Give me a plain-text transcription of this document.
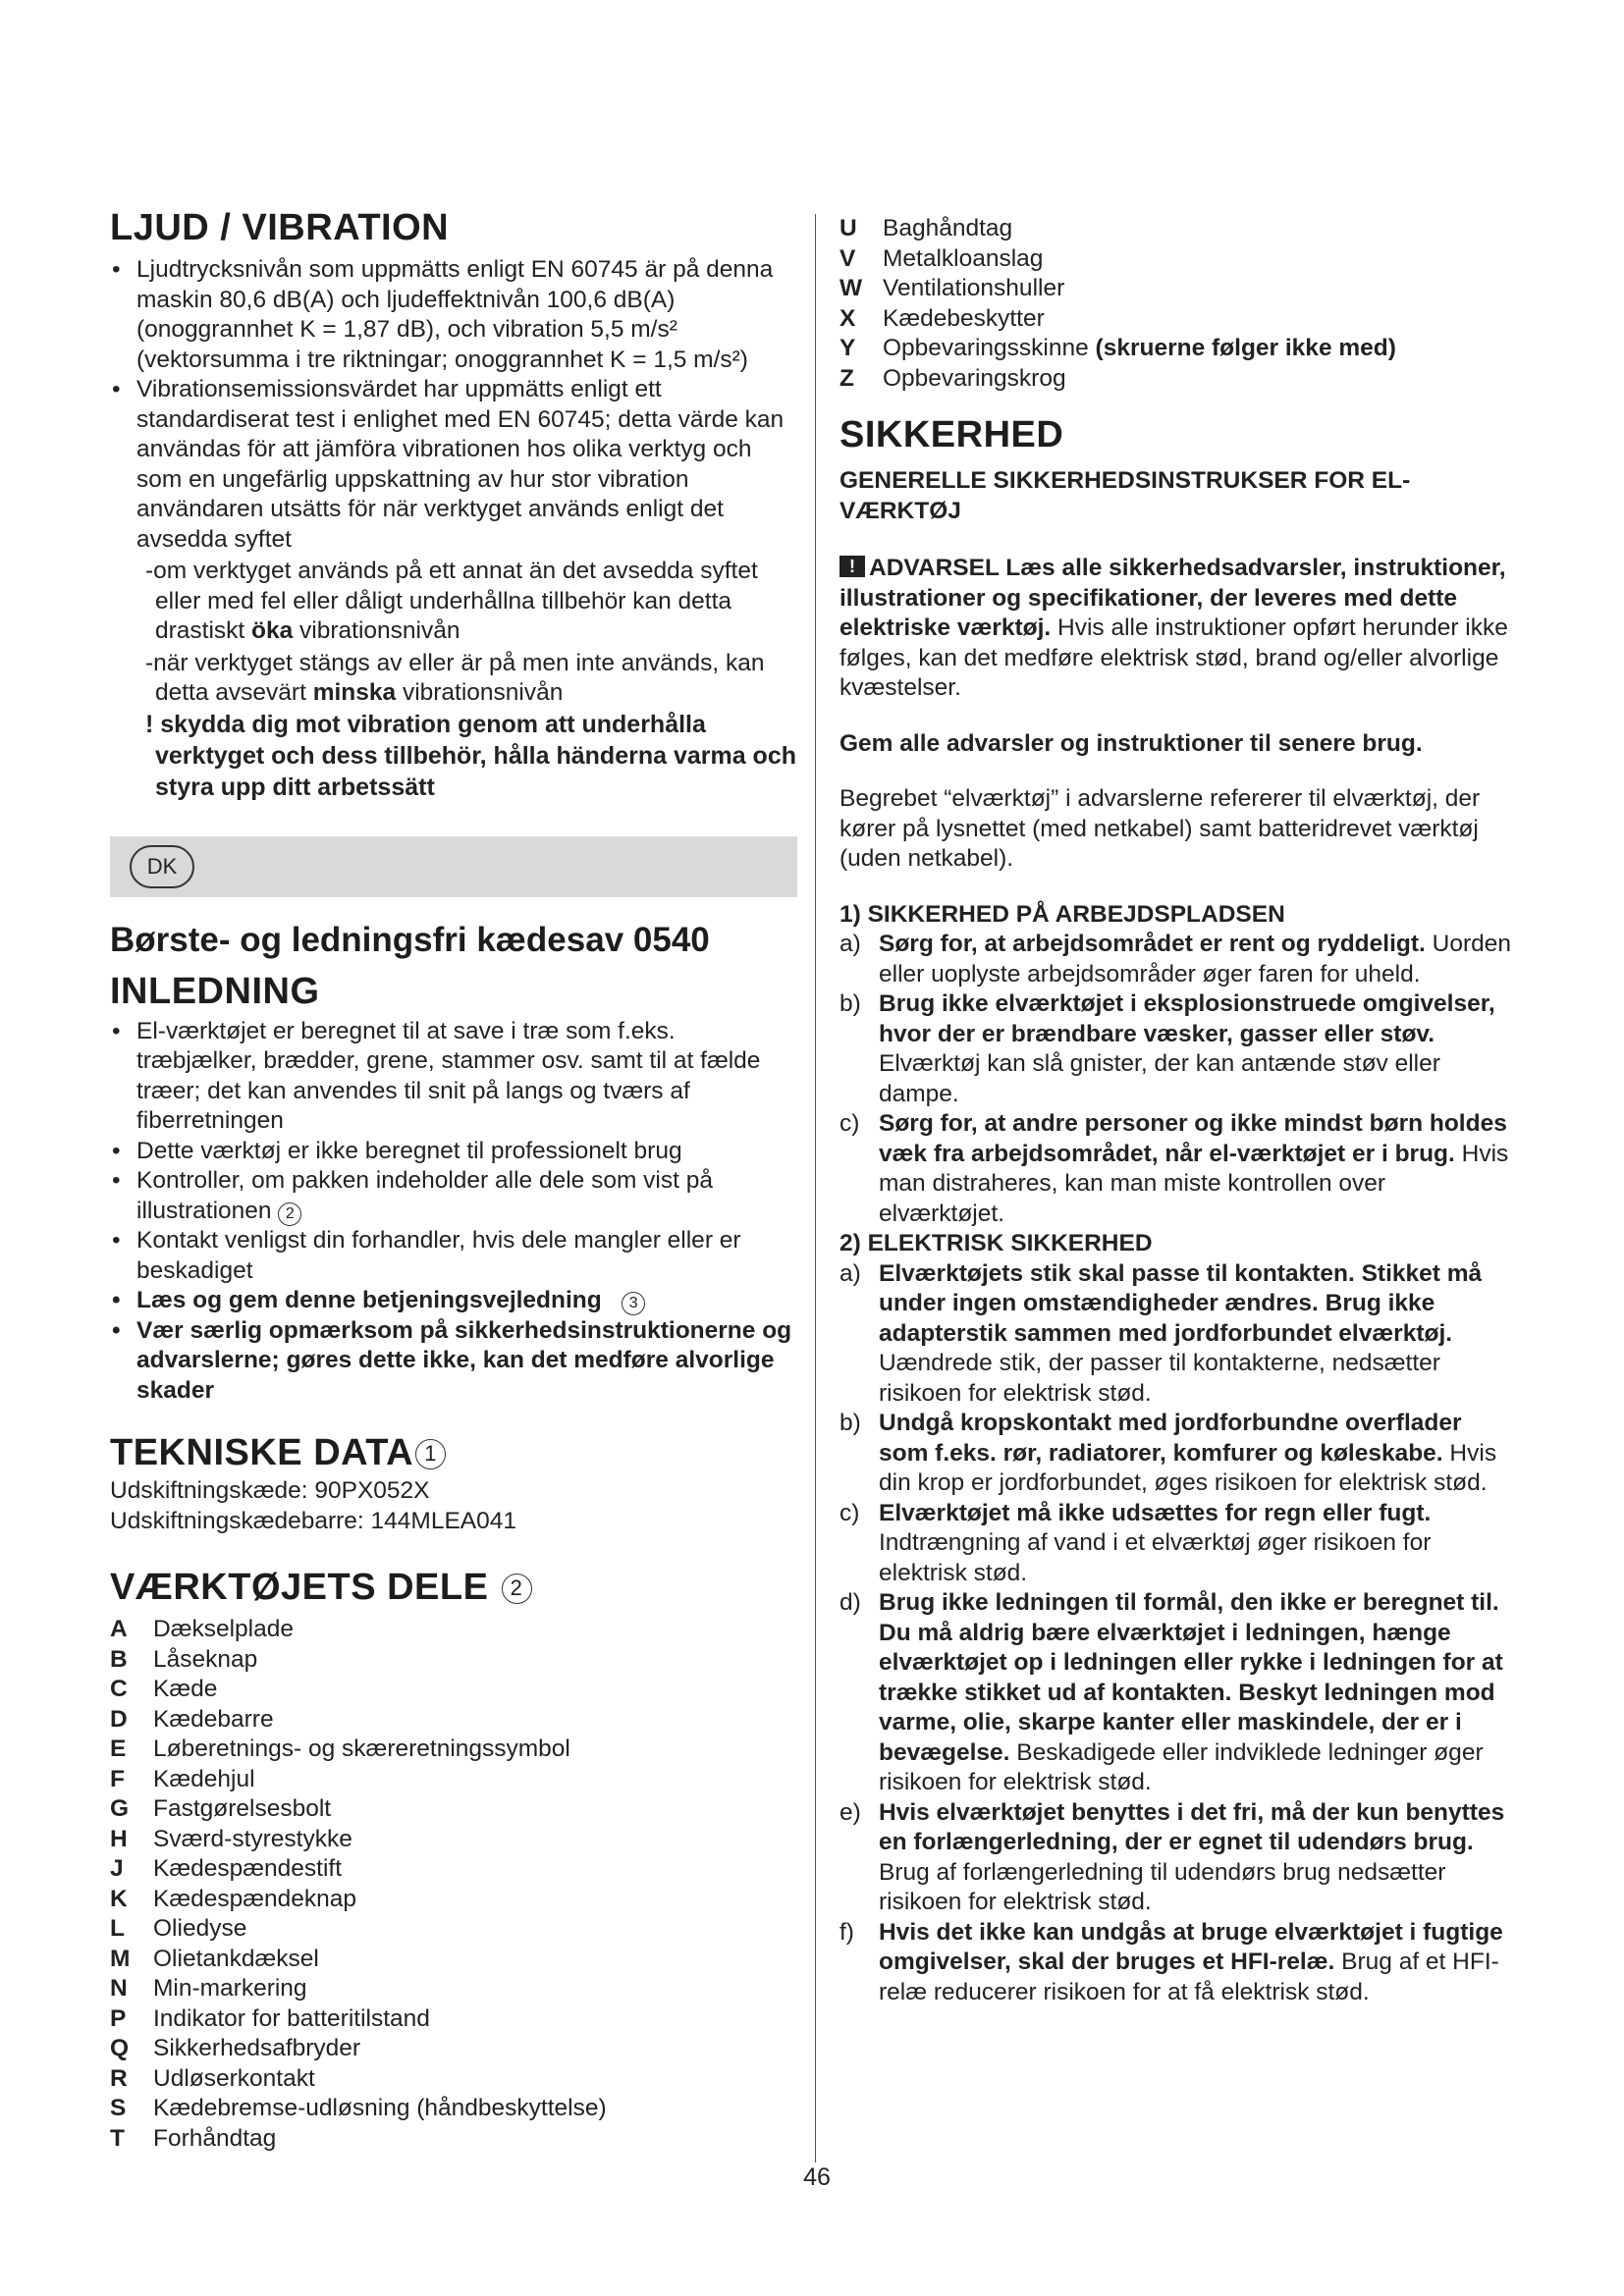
LJUD / VIBRATION

• Ljudtrycksnivån som uppmätts enligt EN 60745 är på denna maskin 80,6 dB(A) och ljudeffektnivån 100,6 dB(A) (onoggrannhet K = 1,87 dB), och vibration 5,5 m/s² (vektorsumma i tre riktningar; onoggrannhet K = 1,5 m/s²)

• Vibrationsemissionsvärdet har uppmätts enligt ett standardiserat test i enlighet med EN 60745; detta värde kan användas för att jämföra vibrationen hos olika verktyg och som en ungefärlig uppskattning av hur stor vibration användaren utsätts för när verktyget används enligt det avsedda syftet

-om verktyget används på ett annat än det avsedda syftet eller med fel eller dåligt underhållna tillbehör kan detta drastiskt öka vibrationsnivån

-när verktyget stängs av eller är på men inte används, kan detta avsevärt minska vibrationsnivån

! skydda dig mot vibration genom att underhålla verktyget och dess tillbehör, hålla händerna varma och styra upp ditt arbetssätt

DK
Børste- og ledningsfri kædesav 0540
INLEDNING

• El-værktøjet er beregnet til at save i træ som f.eks. træbjælker, brædder, grene, stammer osv. samt til at fælde træer; det kan anvendes til snit på langs og tværs af fiberretningen

• Dette værktøj er ikke beregnet til professionelt brug

• Kontroller, om pakken indeholder alle dele som vist på illustrationen 2

• Kontakt venligst din forhandler, hvis dele mangler eller er beskadiget

• Læs og gem denne betjeningsvejledning 3

• Vær særlig opmærksom på sikkerhedsinstruktionerne og advarslerne; gøres dette ikke, kan det medføre alvorlige skader

TEKNISKE DATA 1

Udskiftningskæde: 90PX052X

Udskiftningskædebarre: 144MLEA041

VÆRKTØJETS DELE 2
A	Dækselplade
B	Låseknap
C	Kæde
D	Kædebarre
E	Løberetnings- og skæreretningssymbol
F	Kædehjul
G	Fastgørelsesbolt
H	Sværd-styrestykke
J	Kædespændestift
K	Kædespændeknap
L	Oliedyse
M Olietankdæksel
N	Min-markering
P	Indikator for batteritilstand
Q	Sikkerhedsafbryder
R	Udløserkontakt
S	Kædebremse-udløsning (håndbeskyttelse)
T	Forhåndtag
U	Baghåndtag
V	Metalkloanslag
W Ventilationshuller
X	Kædebeskytter
Y	Opbevaringsskinne (skruerne følger ikke med)
Z	Opbevaringskrog
SIKKERHED

GENERELLE SIKKERHEDSINSTRUKSER FOR EL-VÆRKTØJ

!ADVARSEL Læs alle sikkerhedsadvarsler, instruktioner, illustrationer og specifikationer, der leveres med dette elektriske værktøj. Hvis alle instruktioner opført herunder ikke følges, kan det medføre elektrisk stød, brand og/eller alvorlige kvæstelser.

Gem alle advarsler og instruktioner til senere brug.

Begrebet “elværktøj” i advarslerne refererer til elværktøj, der kører på lysnettet (med netkabel) samt batteridrevet værktøj (uden netkabel).

1) SIKKERHED PÅ ARBEJDSPLADSEN

a) Sørg for, at arbejdsområdet er rent og ryddeligt. Uorden eller uoplyste arbejdsområder øger faren for uheld.

b) Brug ikke elværktøjet i eksplosionstruede omgivelser, hvor der er brændbare væsker, gasser eller støv. Elværktøj kan slå gnister, der kan antænde støv eller dampe.

c) Sørg for, at andre personer og ikke mindst børn holdes væk fra arbejdsområdet, når el-værktøjet er i brug. Hvis man distraheres, kan man miste kontrollen over elværktøjet.

2) ELEKTRISK SIKKERHED

a) Elværktøjets stik skal passe til kontakten. Stikket må under ingen omstændigheder ændres. Brug ikke adapterstik sammen med jordforbundet elværktøj. Uændrede stik, der passer til kontakterne, nedsætter risikoen for elektrisk stød.

b) Undgå kropskontakt med jordforbundne overflader som f.eks. rør, radiatorer, komfurer og køleskabe. Hvis din krop er jordforbundet, øges risikoen for elektrisk stød.

c) Elværktøjet må ikke udsættes for regn eller fugt. Indtrængning af vand i et elværktøj øger risikoen for elektrisk stød.

d) Brug ikke ledningen til formål, den ikke er beregnet til. Du må aldrig bære elværktøjet i ledningen, hænge elværktøjet op i ledningen eller rykke i ledningen for at trække stikket ud af kontakten. Beskyt ledningen mod varme, olie, skarpe kanter eller maskindele, der er i bevægelse. Beskadigede eller indviklede ledninger øger risikoen for elektrisk stød.

e) Hvis elværktøjet benyttes i det fri, må der kun benyttes en forlængerledning, der er egnet til udendørs brug. Brug af forlængerledning til udendørs brug nedsætter risikoen for elektrisk stød.

f) Hvis det ikke kan undgås at bruge elværktøjet i fugtige omgivelser, skal der bruges et HFI-relæ. Brug af et HFI-relæ reducerer risikoen for at få elektrisk stød.

46
